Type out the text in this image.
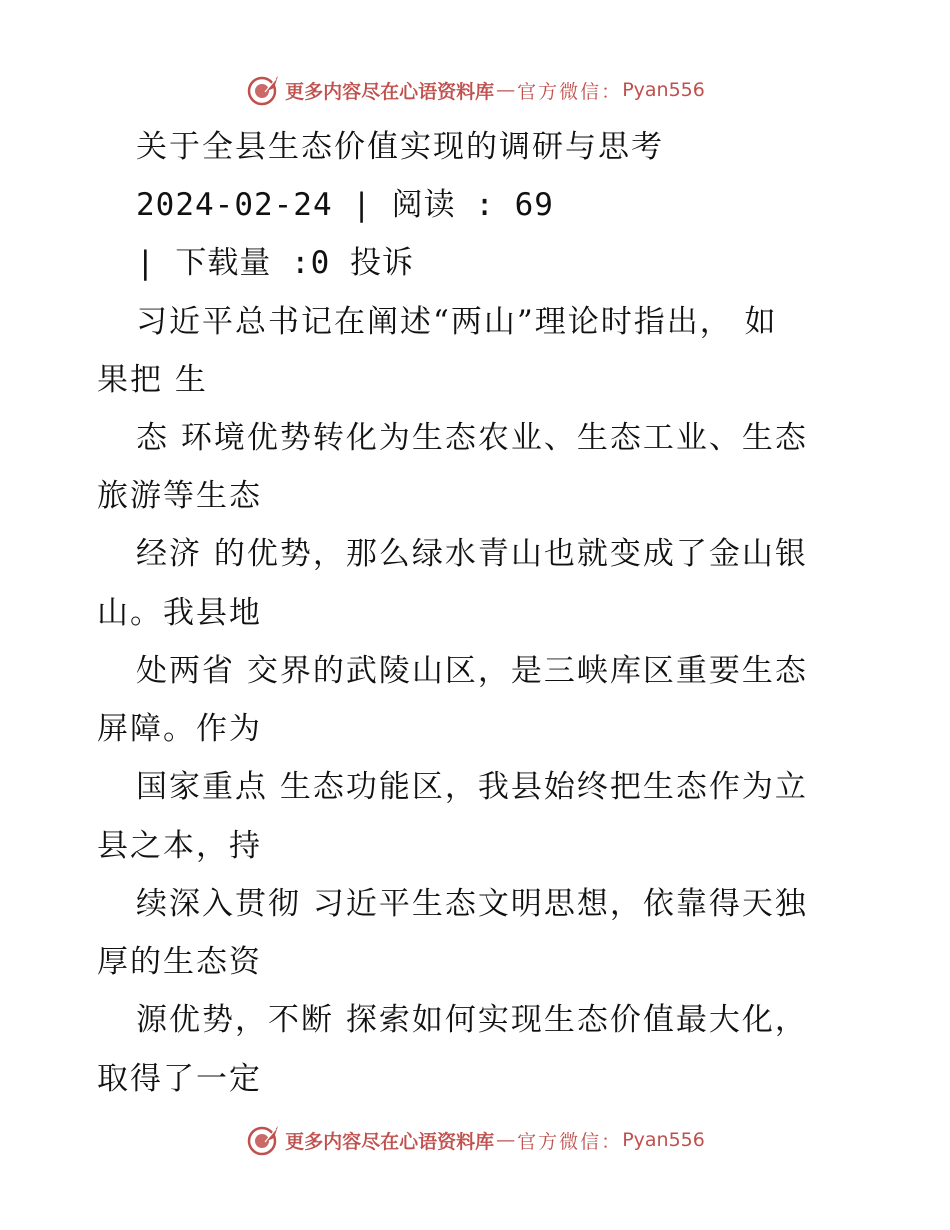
更多内容尽在心语资料库 — 官方微信： Pyan556
关于全县生态价值实现的调研与思考
2024-02-24 | 阅读 : 69
| 下载量 :0 投诉
习近平总书记在阐述“两山”理论时指出， 如
果把 生
态 环境优势转化为生态农业、生态工业、生态
旅游等生态
经济 的优势，那么绿水青山也就变成了金山银
山。我县地
处两省 交界的武陵山区，是三峡库区重要生态
屏障。作为
国家重点 生态功能区，我县始终把生态作为立
县之本，持
续深入贯彻 习近平生态文明思想，依靠得天独
厚的生态资
源优势，不断 探索如何实现生态价值最大化，
取得了一定
更多内容尽在心语资料库 — 官方微信： Pyan556
